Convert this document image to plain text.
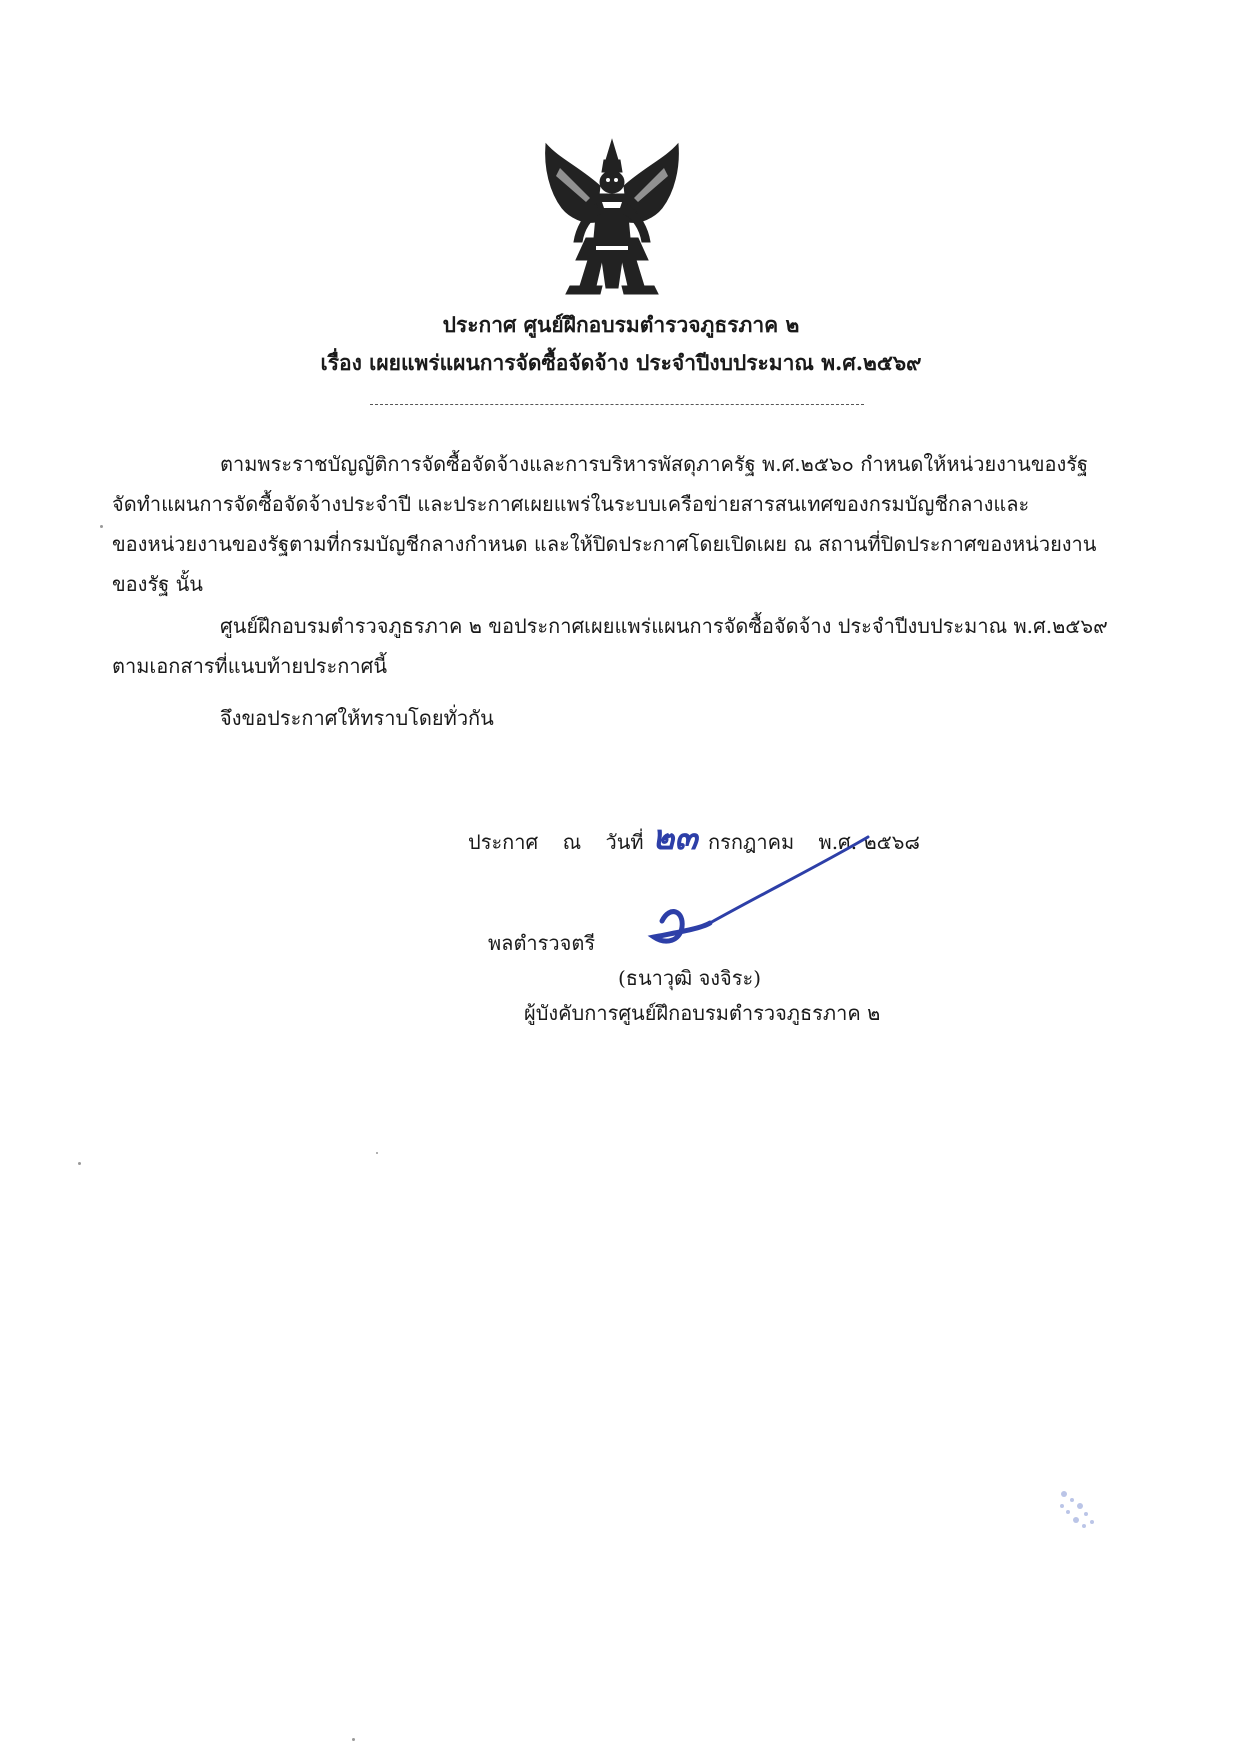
ประกาศ ศูนย์ฝึกอบรมตำรวจภูธรภาค ๒
เรื่อง เผยแพร่แผนการจัดซื้อจัดจ้าง ประจำปีงบประมาณ พ.ศ.๒๕๖๙
ตามพระราชบัญญัติการจัดซื้อจัดจ้างและการบริหารพัสดุภาครัฐ พ.ศ.๒๕๖๐ กำหนดให้หน่วยงานของรัฐ
จัดทำแผนการจัดซื้อจัดจ้างประจำปี และประกาศเผยแพร่ในระบบเครือข่ายสารสนเทศของกรมบัญชีกลางและ
ของหน่วยงานของรัฐตามที่กรมบัญชีกลางกำหนด และให้ปิดประกาศโดยเปิดเผย ณ สถานที่ปิดประกาศของหน่วยงาน
ของรัฐ นั้น
ศูนย์ฝึกอบรมตำรวจภูธรภาค ๒ ขอประกาศเผยแพร่แผนการจัดซื้อจัดจ้าง ประจำปีงบประมาณ พ.ศ.๒๕๖๙
ตามเอกสารที่แนบท้ายประกาศนี้
จึงขอประกาศให้ทราบโดยทั่วกัน
ประกาศ ณ วันที่ ๒๓ กรกฎาคม พ.ศ. ๒๕๖๘
พลตำรวจตรี
(ธนาวุฒิ จงจิระ)
ผู้บังคับการศูนย์ฝึกอบรมตำรวจภูธรภาค ๒
